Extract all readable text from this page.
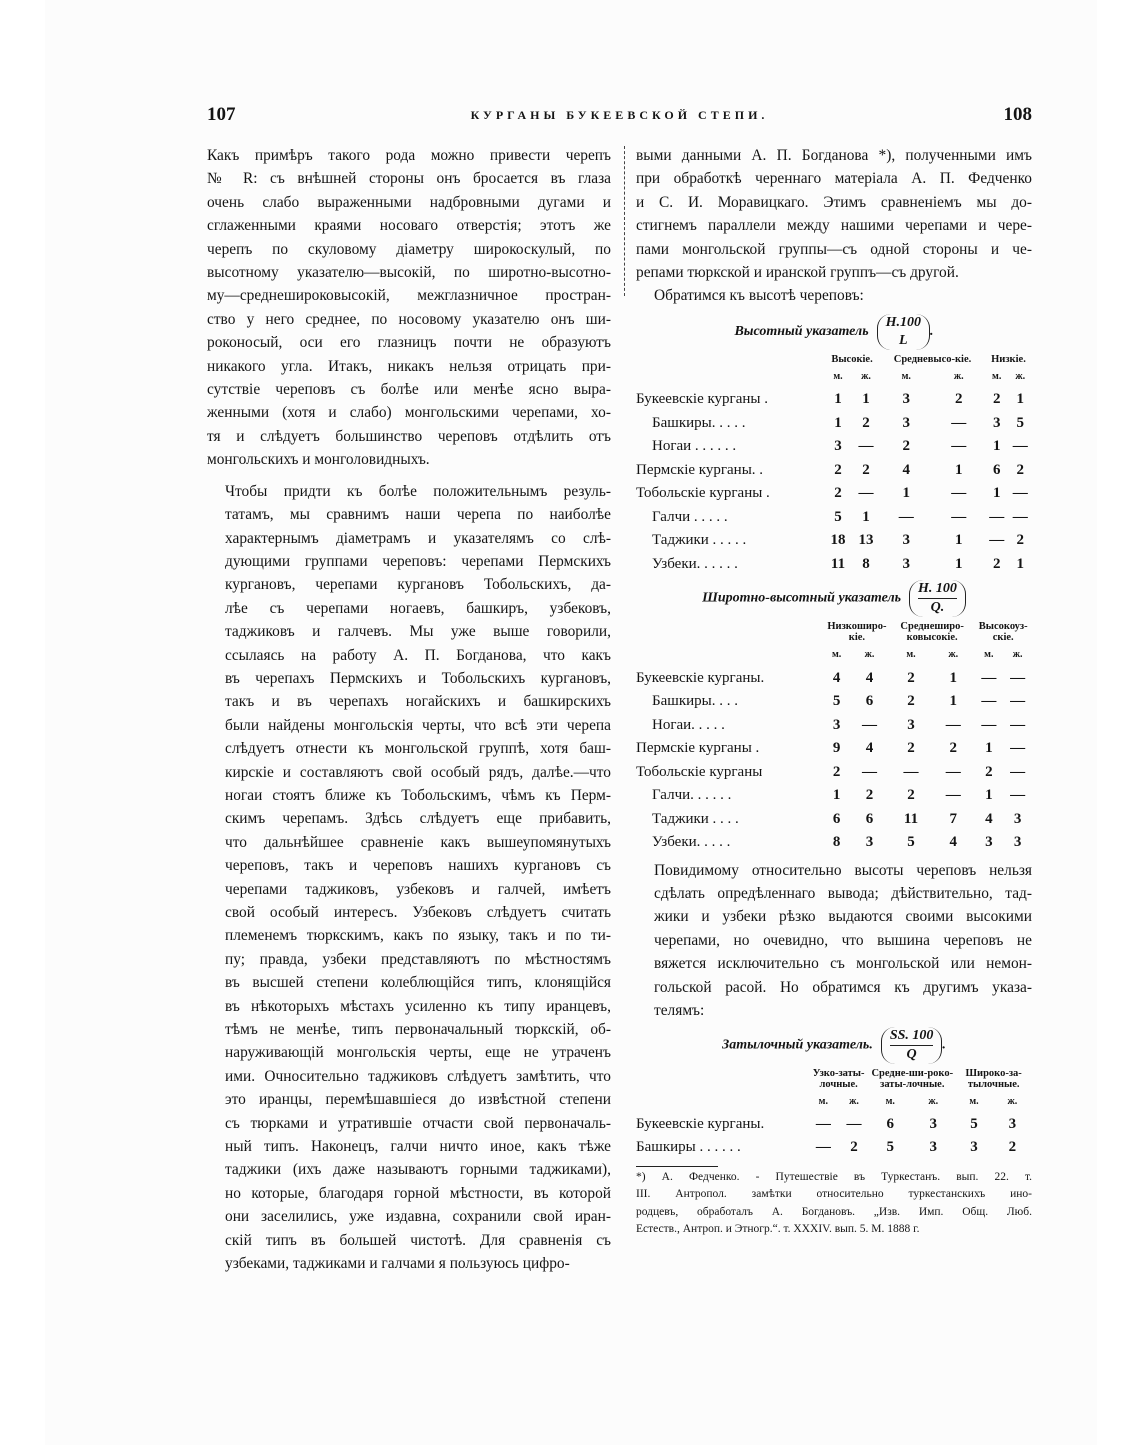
107	КУРГАНЫ БУКЕЕВСКОЙ СТЕПИ.	108

Какъ примѣръ такого рода можно привести черепъ
№ R: съ внѣшней стороны онъ бросается въ глаза
очень слабо выраженными надбровными дугами и
сглаженными краями носоваго отверстія; этотъ же
черепъ по скуловому діаметру широкоскулый, по
высотному указателю—высокій, по широтно-высотно-
му—среднешироковысокій, межглазничное простран-
ство у него среднее, по носовому указателю онъ ши-
роконосый, оси его глазницъ почти не образуютъ
никакого угла. Итакъ, никакъ нельзя отрицать при-
сутствіе череповъ съ болѣе или менѣе ясно выра-
женными (хотя и слабо) монгольскими черепами, хо-
тя и слѣдуетъ большинство череповъ отдѣлить отъ
монгольскихъ и монголовидныхъ.

Чтобы придти къ болѣе положительнымъ резуль-
татамъ, мы сравнимъ наши черепа по наиболѣе
характернымъ діаметрамъ и указателямъ со слѣ-
дующими группами череповъ: черепами Пермскихъ
кургановъ, черепами кургановъ Тобольскихъ, да-
лѣе съ черепами ногаевъ, башкиръ, узбековъ,
таджиковъ и галчевъ. Мы уже выше говорили,
ссылаясь на работу А. П. Богданова, что какъ
въ черепахъ Пермскихъ и Тобольскихъ кургановъ,
такъ и въ черепахъ ногайскихъ и башкирскихъ
были найдены монгольскія черты, что всѣ эти черепа
слѣдуетъ отнести къ монгольской группѣ, хотя баш-
кирскіе и составляютъ свой особый рядъ, далѣе.—что
ногаи стоятъ ближе къ Тобольскимъ, чѣмъ къ Перм-
скимъ черепамъ. Здѣсь слѣдуетъ еще прибавить,
что дальнѣйшее сравненіе какъ вышеупомянутыхъ
череповъ, такъ и череповъ нашихъ кургановъ съ
черепами таджиковъ, узбековъ и галчей, имѣетъ
свой особый интересъ. Узбековъ слѣдуетъ считать
племенемъ тюркскимъ, какъ по языку, такъ и по ти-
пу; правда, узбеки представляютъ по мѣстностямъ
въ высшей степени колеблющійся типъ, клонящійся
въ нѣкоторыхъ мѣстахъ усиленно къ типу иранцевъ,
тѣмъ не менѣе, типъ первоначальный тюркскій, об-
наруживающій монгольскія черты, еще не утраченъ
ими. Очносительно таджиковъ слѣдуетъ замѣтить, что
это иранцы, перемѣшавшіеся до извѣстной степени
съ тюрками и утратившіе отчасти свой первоначаль-
ный типъ. Наконецъ, галчи ничто иное, какъ тѣже
таджики (ихъ даже называютъ горными таджиками),
но которые, благодаря горной мѣстности, въ которой
они заселились, уже издавна, сохранили свой иран-
скій типъ въ большей чистотѣ. Для сравненія съ
узбеками, таджиками и галчами я пользуюсь цифро-

выми данными А. П. Богданова *), полученными имъ
при обработкѣ череннаго матеріала А. П. Федченко
и С. И. Моравицкаго. Этимъ сравненіемъ мы до-
стигнемъ параллели между нашими черепами и чере-
пами монгольской группы—съ одной стороны и че-
репами тюркской и иранской группъ—съ другой.

Обратимся къ высотѣ череповъ:

Высотный указатель
H.100
L
.
	Высокіе.		Средневысо-кіе.		Низкіе.	
	м.	ж.	м.	ж.	м.	ж.
Букеевскіе курганы .	1	1	3	2	2	1
Башкиры. . . . .	1	2	3	—	3	5
Ногаи . . . . . .	3	—	2	—	1	—
Пермскіе курганы. .	2	2	4	1	6	2
Тобольскіе курганы .	2	—	1	—	1	—
Галчи . . . . .	5	1	—	—	—	—
Таджики . . . . .	18	13	3	1	—	2
Узбеки. . . . . .	11	8	3	1	2	1
Широтно-высотный указатель $\frac{H. 100}{Q.}$
	Низкоширо-кіе.		Среднеширо-ковысокіе.		Высокоуз-скіе.	
	м.	ж.	м.	ж.	м.	ж.
Букеевскіе курганы.	4	4	2	1	—	—
Башкиры. . . .	5	6	2	1	—	—
Ногаи. . . . .	3	—	3	—	—	—
Пермскіе курганы .	9	4	2	2	1	—
Тобольскіе курганы	2	—	—	—	2	—
Галчи. . . . . .	1	2	2	—	1	—
Таджики . . . .	6	6	11	7	4	3
Узбеки. . . . .	8	3	5	4	3	3

Повидимому относительно высоты череповъ нельзя
сдѣлать опредѣленнаго вывода; дѣйствительно, тад-
жики и узбеки рѣзко выдаются своими высокими
черепами, но очевидно, что вышина череповъ не
вяжется исключительно съ монгольской или немон-
гольской расой. Но обратимся къ другимъ указа-
телямъ:

Затылочный указатель. $\frac{SS. 100}{Q}$ .
	Узко-заты-лочные.		Средне-ши-роко-заты-лочные.		Широко-за-тылочные.	
	м.	ж.	м.	ж.	м.	ж.
Букеевскіе курганы.	—	—	6	3	5	3
Башкиры . . . . . .	—	2	5	3	3	2
*) А. Федченко. - Путешествіе въ Туркестанъ. вып. 22. т.
III. Антропол. замѣтки относительно туркестанскихъ ино-
родцевъ, обработалъ А. Богдановъ. „Изв. Имп. Общ. Люб.
Естеств., Антроп. и Этногр.“. т. XXXIV. вып. 5. М. 1888 г.
